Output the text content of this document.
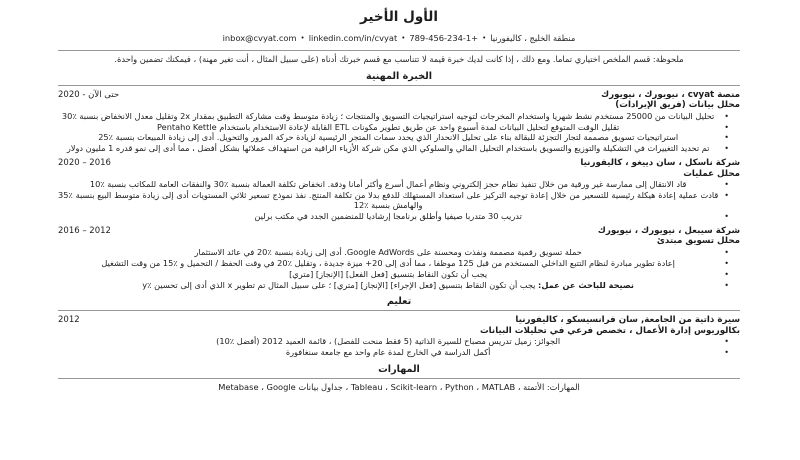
الأول الأخير
منطقة الخليج ، كاليفورنيا•789-456-234-1+•linkedin.com/in/cvyat•inbox@cvyat.com
ملحوظة: قسم الملخص اختياري تماما. ومع ذلك ، إذا كانت لديك خبرة قيمة لا تتناسب مع قسم خبرتك أدناه (على سبيل المثال ، أنت تغير مهنة) ، فيمكنك تضمين واحدة.
الخبرة المهنية
منصة cvyat ، نيويورك ، نيويورك
حتى الآن - 2020
محلل بيانات (فريق الإيرادات)
• تحليل البيانات من 25000 مستخدم نشط شهريا واستخدام المخرجات لتوجيه استراتيجيات التسويق والمنتجات ؛ زيادة متوسط وقت مشاركة التطبيق بمقدار 2x وتقليل معدل الانخفاض بنسبة ٪30
• تقليل الوقت المتوقع لتحليل البيانات لمدة أسبوع واحد عن طريق تطوير مكونات ETL القابلة لإعادة الاستخدام باستخدام Pentaho Kettle
• استراتيجيات تسويق مصممة لتجار التجزئة للبقالة بناء على تحليل الانحدار الذي يحدد سمات المتجر الرئيسية لزيادة حركة المرور والتحويل. أدى إلى زيادة المبيعات بنسبة ٪25
• تم تحديد التغييرات في التشكيلة والتوزيع والتسويق باستخدام التحليل المالي والسلوكي الذي مكن شركة الأزياء الراقية من استهداف عملائها بشكل أفضل ، مما أدى إلى نمو قدره 1 مليون دولار
شركة ناسكل ، سان دييغو ، كاليفورنيا
2016 – 2020
محلل عمليات
• قاد الانتقال إلى ممارسة غير ورقية من خلال تنفيذ نظام حجز إلكتروني ونظام أعمال أسرع وأكثر أمانا ودقة. انخفاض تكلفة العمالة بنسبة ٪30 والنفقات العامة للمكاتب بنسبة ٪10
• قادت عملية إعادة هيكلة رئيسية للتسعير من خلال إعادة توجيه التركيز على استعداد المستهلك للدفع بدلا من تكلفة المنتج. نفذ نموذج تسعير ثلاثي المستويات أدى إلى زيادة متوسط البيع بنسبة ٪35 والهامش بنسبة ٪12
• تدريب 30 متدربا صيفيا وأطلق برنامجا إرشاديا للمنضمين الجدد في مكتب برلين
شركة سيبعل ، نيويورك ، نيويورك
2012 – 2016
محلل تسويق مبتدئ
• حملة تسويق رقمية مصممة ونفذت ومحسنة على Google AdWords. أدى إلى زيادة بنسبة ٪20 في عائد الاستثمار
• إعادة تطوير مبادرة لنظام التتبع الداخلي المستخدم من قبل 125 موظفا ، مما أدى إلى 20+ ميزة جديدة ، وتقليل ٪20 في وقت الحفظ / التحميل و ٪15 من وقت التشغيل
• يجب أن تكون النقاط بتنسيق [فعل الفعل] [الإنجاز] [متري]
• نصيحة للباحث عن عمل: يجب أن تكون النقاط بتنسيق [فعل الإجراء] [الإنجاز] [متري] ؛ على سبيل المثال تم تطوير x الذي أدى إلى تحسين ٪y
تعليم
سيرة ذاتية من الجامعة, سان فرانسيسكو ، كاليفورنيا
2012
بكالوريوس إدارة الأعمال ، تخصص فرعي في تحليلات البيانات
• الجوائز: زميل تدريس مصباح للسيرة الذاتية (5 فقط منحت للفصل) ، قائمة العميد 2012 (أفضل ٪10)
• أكمل الدراسة في الخارج لمدة عام واحد مع جامعة سنغافورة
المهارات
المهارات: الأتمتة ، Tableau ، Scikit-learn ، Python ، MATLAB ، جداول بيانات Metabase ، Google
